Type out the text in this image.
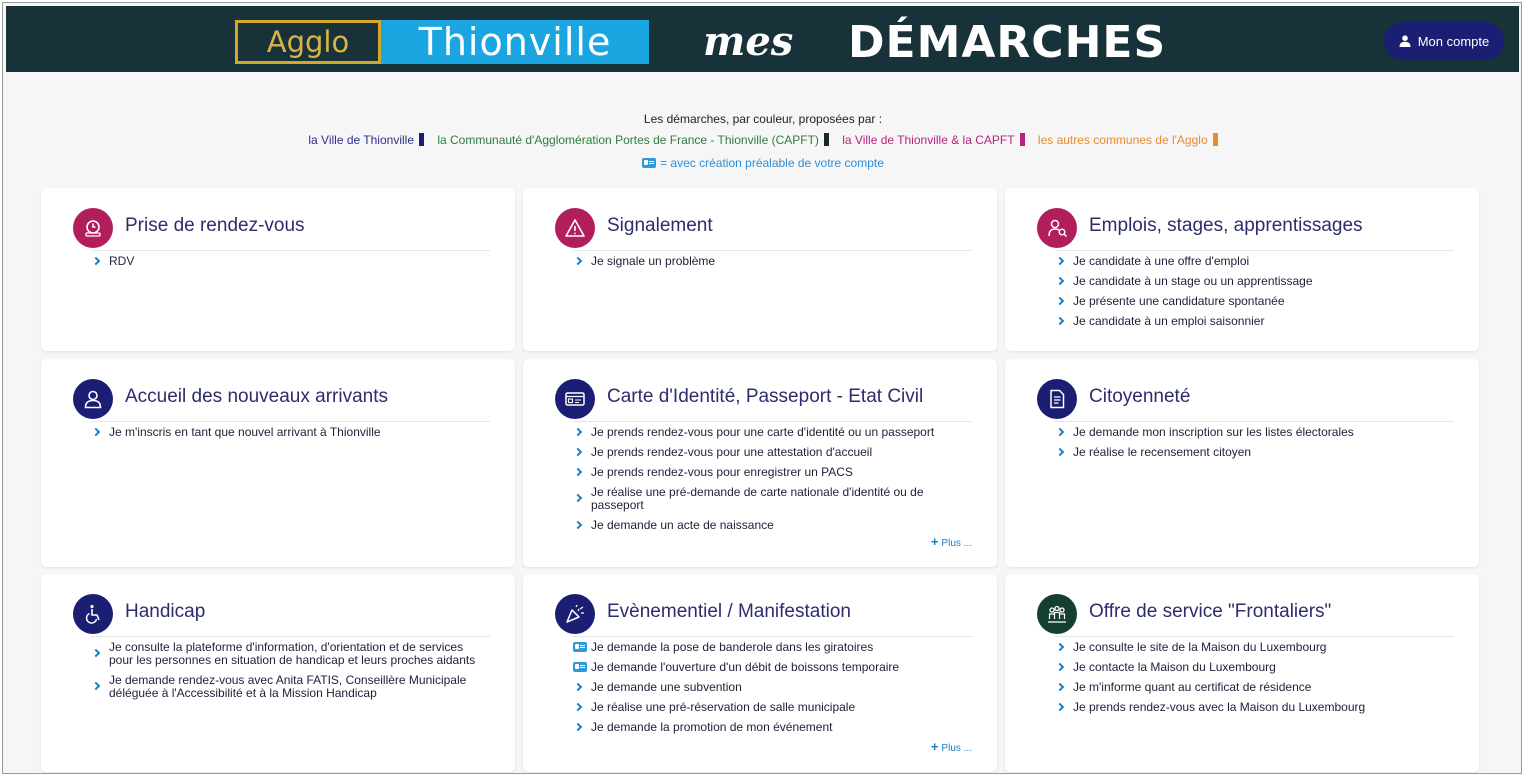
Agglo	Thionville	mes DÉMARCHES	Mon compte
Les démarches, par couleur, proposées par :
la Ville de Thionville la Communauté d'Agglomération Portes de France - Thionville (CAPFT) la Ville de Thionville & la CAPFT les autres communes de l'Agglo
= avec création préalable de votre compte
Prise de rendez-vous
RDV
Signalement
Je signale un problème
Emplois, stages, apprentissages
Je candidate à une offre d'emploi
Je candidate à un stage ou un apprentissage
Je présente une candidature spontanée
Je candidate à un emploi saisonnier
Accueil des nouveaux arrivants
Je m'inscris en tant que nouvel arrivant à Thionville
Carte d'Identité, Passeport - Etat Civil
Je prends rendez-vous pour une carte d'identité ou un passeport
Je prends rendez-vous pour une attestation d'accueil
Je prends rendez-vous pour enregistrer un PACS
Je réalise une pré-demande de carte nationale d'identité ou de passeport
Je demande un acte de naissance
+ Plus ...
Citoyenneté
Je demande mon inscription sur les listes électorales
Je réalise le recensement citoyen
Handicap
Je consulte la plateforme d'information, d'orientation et de services pour les personnes en situation de handicap et leurs proches aidants
Je demande rendez-vous avec Anita FATIS, Conseillère Municipale déléguée à l'Accessibilité et à la Mission Handicap
Evènementiel / Manifestation
Je demande la pose de banderole dans les giratoires
Je demande l'ouverture d'un débit de boissons temporaire
Je demande une subvention
Je réalise une pré-réservation de salle municipale
Je demande la promotion de mon événement
+ Plus ...
Offre de service "Frontaliers"
Je consulte le site de la Maison du Luxembourg
Je contacte la Maison du Luxembourg
Je m'informe quant au certificat de résidence
Je prends rendez-vous avec la Maison du Luxembourg
